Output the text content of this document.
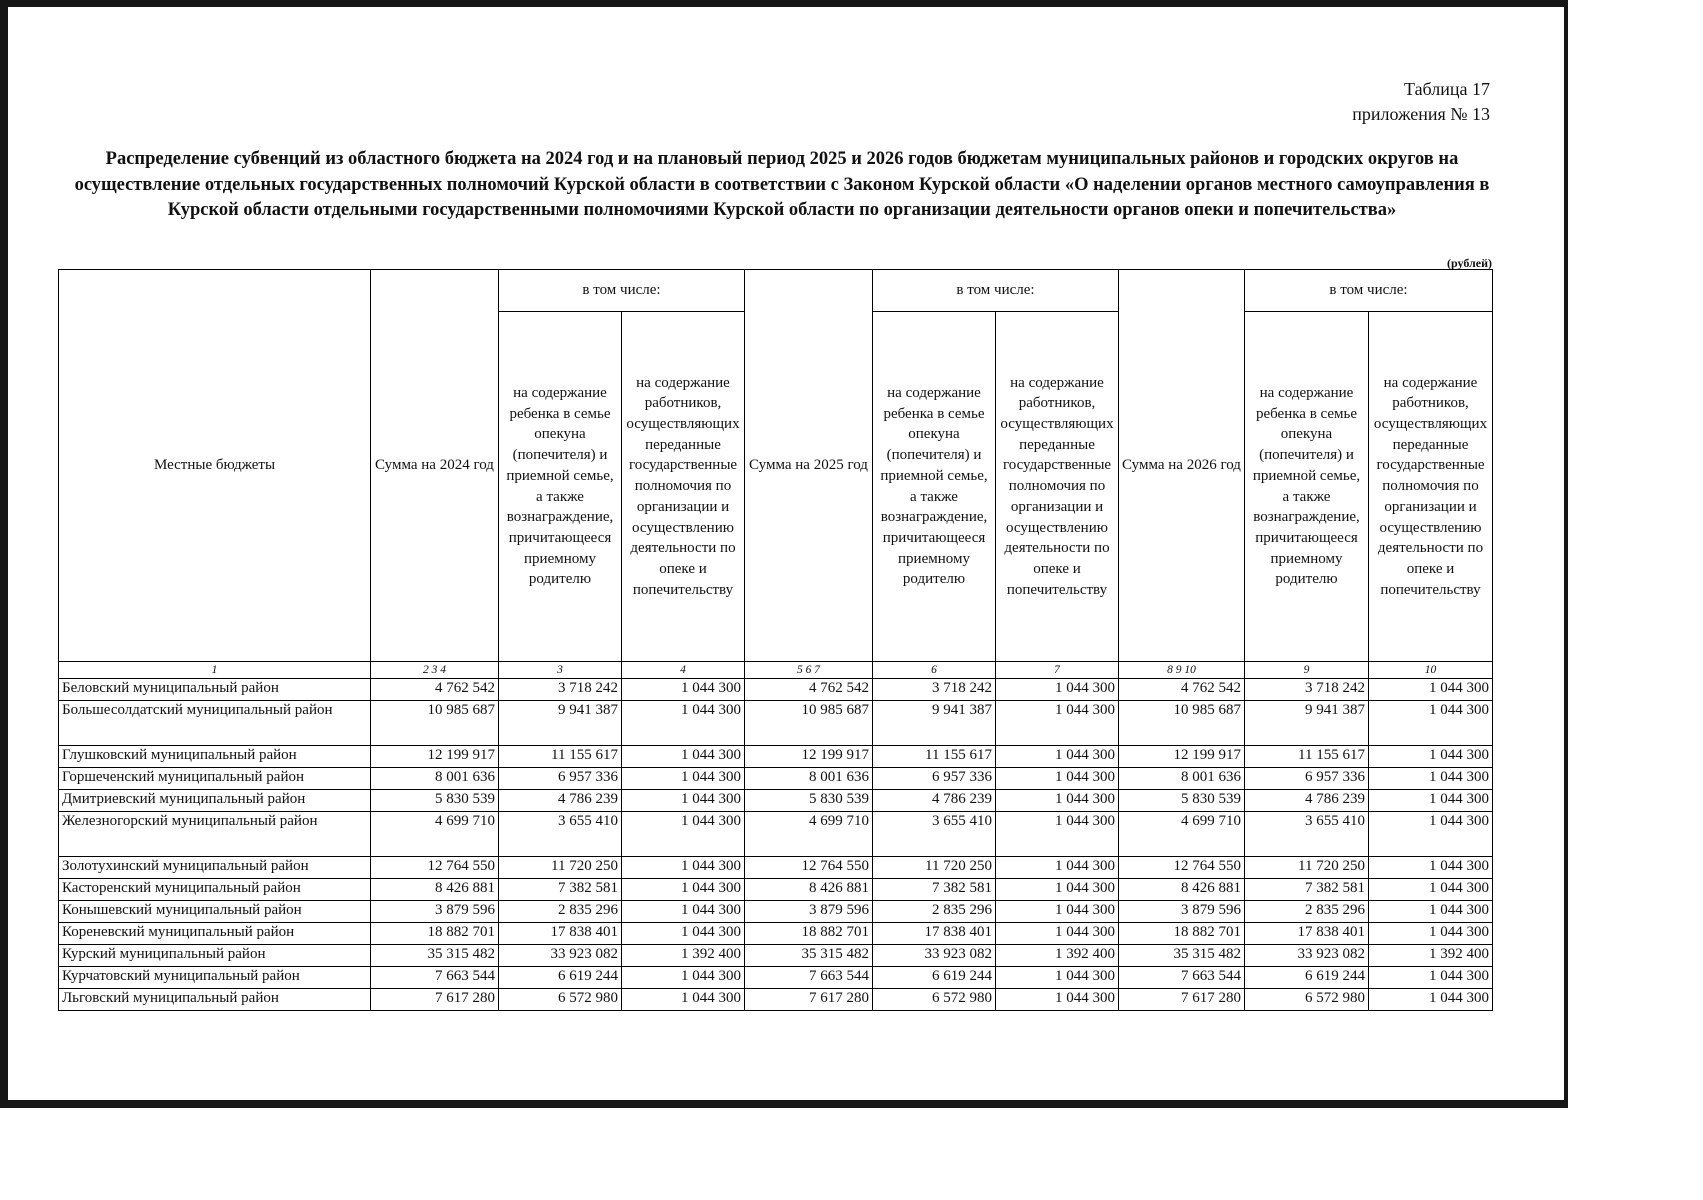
Таблица 17
приложения № 13
Распределение субвенций из областного бюджета на 2024 год и на плановый период 2025 и 2026 годов бюджетам муниципальных районов и городских округов на осуществление отдельных государственных полномочий Курской области в соответствии с Законом Курской области «О наделении органов местного самоуправления в Курской области отдельными государственными полномочиями Курской области по организации деятельности органов опеки и попечительства»
(рублей)
Местные бюджеты	Сумма на 2024 год	в том числе:		Сумма на 2025 год	в том числе:		Сумма на 2026 год	в том числе:	
		на содержание ребенка в семье опекуна (попечителя) и приемной семье, а также вознаграждение, причитающееся приемному родителю	на содержание работников, осуществляющих переданные государственные полномочия по организации и осуществлению деятельности по опеке и попечительству		на содержание ребенка в семье опекуна (попечителя) и приемной семье, а также вознаграждение, причитающееся приемному родителю	на содержание работников, осуществляющих переданные государственные полномочия по организации и осуществлению деятельности по опеке и попечительству		на содержание ребенка в семье опекуна (попечителя) и приемной семье, а также вознаграждение, причитающееся приемному родителю	на содержание работников, осуществляющих переданные государственные полномочия по организации и осуществлению деятельности по опеке и попечительству
1	2 3 4	3	4	5 6 7	6	7	8 9 10	9	10
Беловский муниципальный район	4 762 542	3 718 242	1 044 300	4 762 542	3 718 242	1 044 300	4 762 542	3 718 242	1 044 300
Большесолдатский муниципальный район	10 985 687	9 941 387	1 044 300	10 985 687	9 941 387	1 044 300	10 985 687	9 941 387	1 044 300
Глушковский муниципальный район	12 199 917	11 155 617	1 044 300	12 199 917	11 155 617	1 044 300	12 199 917	11 155 617	1 044 300
Горшеченский муниципальный район	8 001 636	6 957 336	1 044 300	8 001 636	6 957 336	1 044 300	8 001 636	6 957 336	1 044 300
Дмитриевский муниципальный район	5 830 539	4 786 239	1 044 300	5 830 539	4 786 239	1 044 300	5 830 539	4 786 239	1 044 300
Железногорский муниципальный район	4 699 710	3 655 410	1 044 300	4 699 710	3 655 410	1 044 300	4 699 710	3 655 410	1 044 300
Золотухинский муниципальный район	12 764 550	11 720 250	1 044 300	12 764 550	11 720 250	1 044 300	12 764 550	11 720 250	1 044 300
Касторенский муниципальный район	8 426 881	7 382 581	1 044 300	8 426 881	7 382 581	1 044 300	8 426 881	7 382 581	1 044 300
Конышевский муниципальный район	3 879 596	2 835 296	1 044 300	3 879 596	2 835 296	1 044 300	3 879 596	2 835 296	1 044 300
Кореневский муниципальный район	18 882 701	17 838 401	1 044 300	18 882 701	17 838 401	1 044 300	18 882 701	17 838 401	1 044 300
Курский муниципальный район	35 315 482	33 923 082	1 392 400	35 315 482	33 923 082	1 392 400	35 315 482	33 923 082	1 392 400
Курчатовский муниципальный район	7 663 544	6 619 244	1 044 300	7 663 544	6 619 244	1 044 300	7 663 544	6 619 244	1 044 300
Льговский муниципальный район	7 617 280	6 572 980	1 044 300	7 617 280	6 572 980	1 044 300	7 617 280	6 572 980	1 044 300
